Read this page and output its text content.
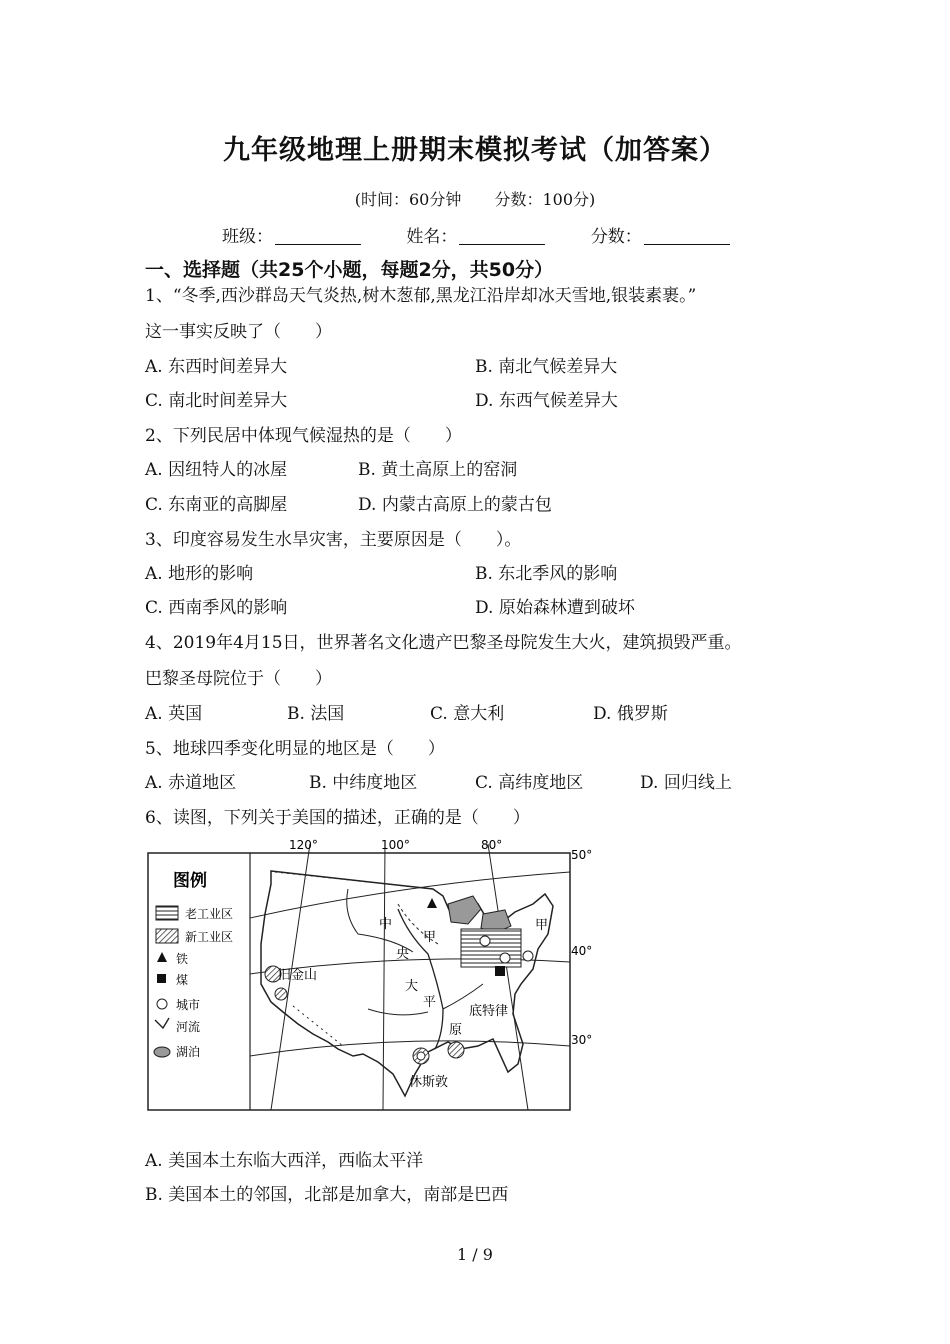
九年级地理上册期末模拟考试（加答案）
(时间：60分钟 分数：100分)
班级：	姓名：	分数：
一、选择题（共25个小题，每题2分，共50分）
1、“冬季,西沙群岛天气炎热,树木葱郁,黑龙江沿岸却冰天雪地,银装素裹。”
这一事实反映了（　　）
A. 东西时间差异大	B. 南北气候差异大
C. 南北时间差异大	D. 东西气候差异大
2、下列民居中体现气候湿热的是（　　）
A. 因纽特人的冰屋	B. 黄土高原上的窑洞
C. 东南亚的高脚屋	D. 内蒙古高原上的蒙古包
3、印度容易发生水旱灾害，主要原因是（　　）。
A. 地形的影响	B. 东北季风的影响
C. 西南季风的影响	D. 原始森林遭到破坏
4、2019年4月15日，世界著名文化遗产巴黎圣母院发生大火，建筑损毁严重。
巴黎圣母院位于（　　）
A. 英国	B. 法国	C. 意大利	D. 俄罗斯
5、地球四季变化明显的地区是（　　）
A. 赤道地区	B. 中纬度地区	C. 高纬度地区	D. 回归线上
6、读图，下列关于美国的描述，正确的是（　　）
图例
老工业区
新工业区
铁
煤
城市
河流
湖泊
120°	100°	80°
50°
40°
30°
中
央
大
平
原
甲
甲
旧金山
底特律
休斯敦
A. 美国本土东临大西洋，西临太平洋
B. 美国本土的邻国，北部是加拿大，南部是巴西
1 / 9
